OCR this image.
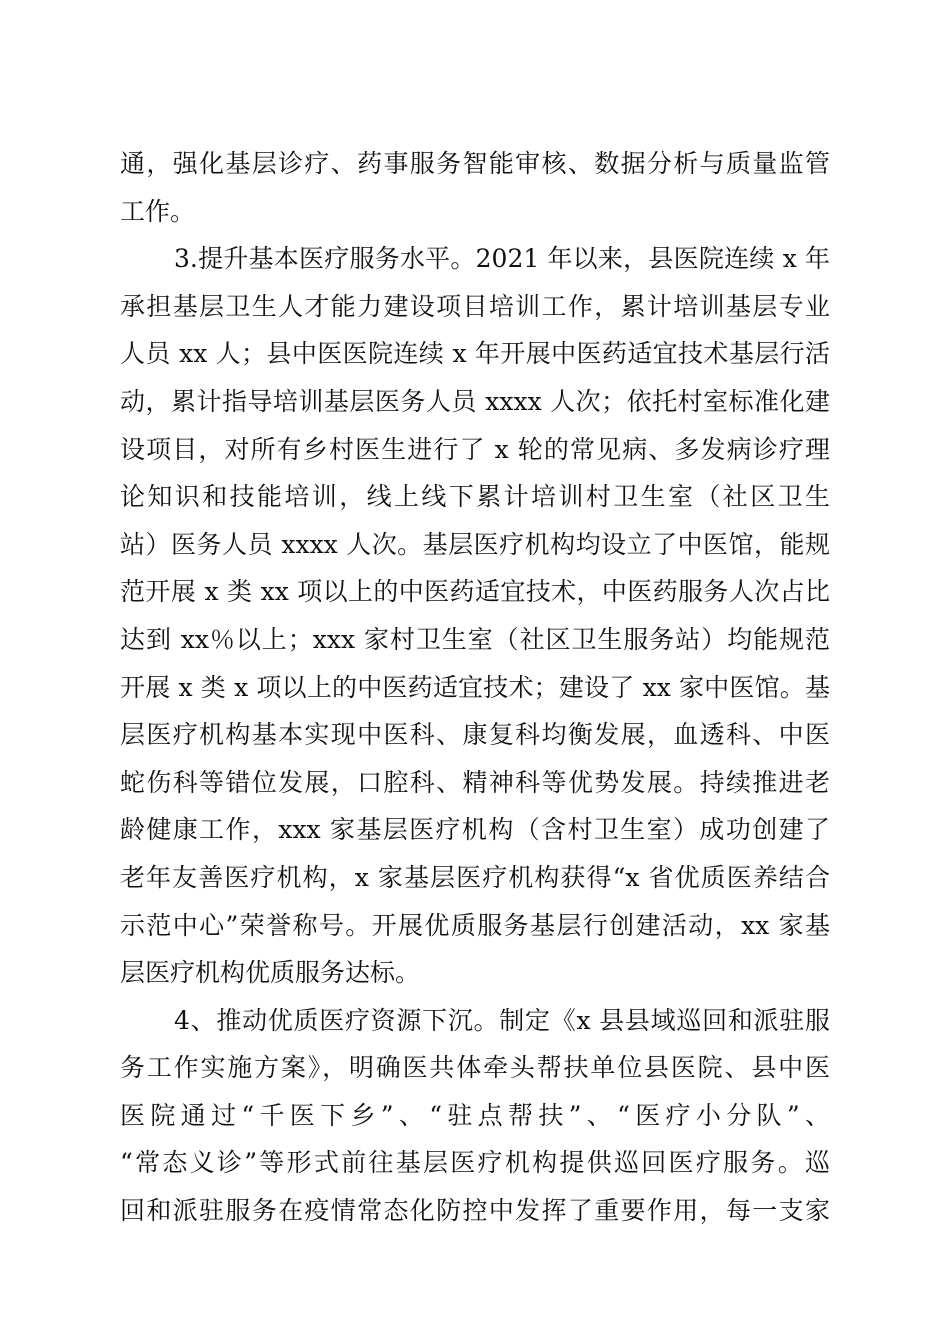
通，强化基层诊疗、药事服务智能审核、数据分析与质量监管
工作。
3.提升基本医疗服务水平。2021 年以来，县医院连续 x 年
承担基层卫生人才能力建设项目培训工作，累计培训基层专业
人员 xx 人；县中医医院连续 x 年开展中医药适宜技术基层行活
动，累计指导培训基层医务人员 xxxx 人次；依托村室标准化建
设项目，对所有乡村医生进行了 x 轮的常见病、多发病诊疗理
论知识和技能培训，线上线下累计培训村卫生室（社区卫生
站）医务人员 xxxx 人次。基层医疗机构均设立了中医馆，能规
范开展 x 类 xx 项以上的中医药适宜技术，中医药服务人次占比
达到 xx％以上；xxx 家村卫生室（社区卫生服务站）均能规范
开展 x 类 x 项以上的中医药适宜技术；建设了 xx 家中医馆。基
层医疗机构基本实现中医科、康复科均衡发展，血透科、中医
蛇伤科等错位发展，口腔科、精神科等优势发展。持续推进老
龄健康工作，xxx 家基层医疗机构（含村卫生室）成功创建了
老年友善医疗机构，x 家基层医疗机构获得“x 省优质医养结合
示范中心”荣誉称号。开展优质服务基层行创建活动，xx 家基
层医疗机构优质服务达标。
4、推动优质医疗资源下沉。制定《x 县县域巡回和派驻服
务工作实施方案》，明确医共体牵头帮扶单位县医院、县中医
医院通过“千医下乡”、“驻点帮扶”、“医疗小分队”、
“常态义诊”等形式前往基层医疗机构提供巡回医疗服务。巡
回和派驻服务在疫情常态化防控中发挥了重要作用，每一支家
